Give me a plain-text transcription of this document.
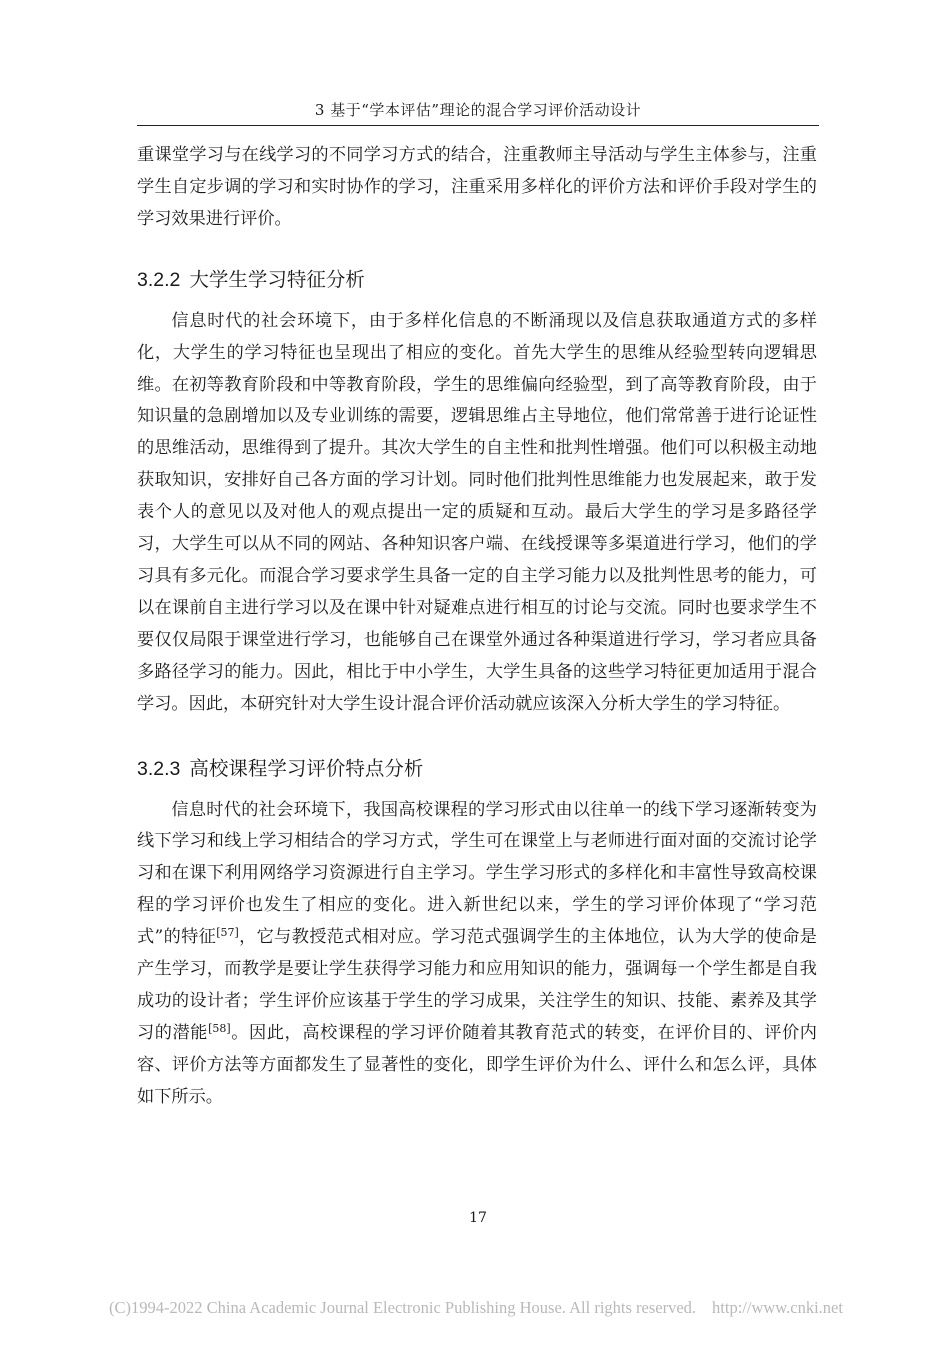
3 基于“学本评估”理论的混合学习评价活动设计

重课堂学习与在线学习的不同学习方式的结合，注重教师主导活动与学生主体参与，注重学生自定步调的学习和实时协作的学习，注重采用多样化的评价方法和评价手段对学生的学习效果进行评价。

3.2.2 大学生学习特征分析

信息时代的社会环境下，由于多样化信息的不断涌现以及信息获取通道方式的多样化，大学生的学习特征也呈现出了相应的变化。首先大学生的思维从经验型转向逻辑思维。在初等教育阶段和中等教育阶段，学生的思维偏向经验型，到了高等教育阶段，由于知识量的急剧增加以及专业训练的需要，逻辑思维占主导地位，他们常常善于进行论证性的思维活动，思维得到了提升。其次大学生的自主性和批判性增强。他们可以积极主动地获取知识，安排好自己各方面的学习计划。同时他们批判性思维能力也发展起来，敢于发表个人的意见以及对他人的观点提出一定的质疑和互动。最后大学生的学习是多路径学习，大学生可以从不同的网站、各种知识客户端、在线授课等多渠道进行学习，他们的学习具有多元化。而混合学习要求学生具备一定的自主学习能力以及批判性思考的能力，可以在课前自主进行学习以及在课中针对疑难点进行相互的讨论与交流。同时也要求学生不要仅仅局限于课堂进行学习，也能够自己在课堂外通过各种渠道进行学习，学习者应具备多路径学习的能力。因此，相比于中小学生，大学生具备的这些学习特征更加适用于混合学习。因此，本研究针对大学生设计混合评价活动就应该深入分析大学生的学习特征。

3.2.3 高校课程学习评价特点分析

信息时代的社会环境下，我国高校课程的学习形式由以往单一的线下学习逐渐转变为线下学习和线上学习相结合的学习方式，学生可在课堂上与老师进行面对面的交流讨论学习和在课下利用网络学习资源进行自主学习。学生学习形式的多样化和丰富性导致高校课程的学习评价也发生了相应的变化。进入新世纪以来，学生的学习评价体现了“学习范式”的特征[57]，它与教授范式相对应。学习范式强调学生的主体地位，认为大学的使命是产生学习，而教学是要让学生获得学习能力和应用知识的能力，强调每一个学生都是自我成功的设计者；学生评价应该基于学生的学习成果，关注学生的知识、技能、素养及其学习的潜能[58]。因此，高校课程的学习评价随着其教育范式的转变，在评价目的、评价内容、评价方法等方面都发生了显著性的变化，即学生评价为什么、评什么和怎么评，具体如下所示。

17
(C)1994-2022 China Academic Journal Electronic Publishing House. All rights reserved. http://www.cnki.net
